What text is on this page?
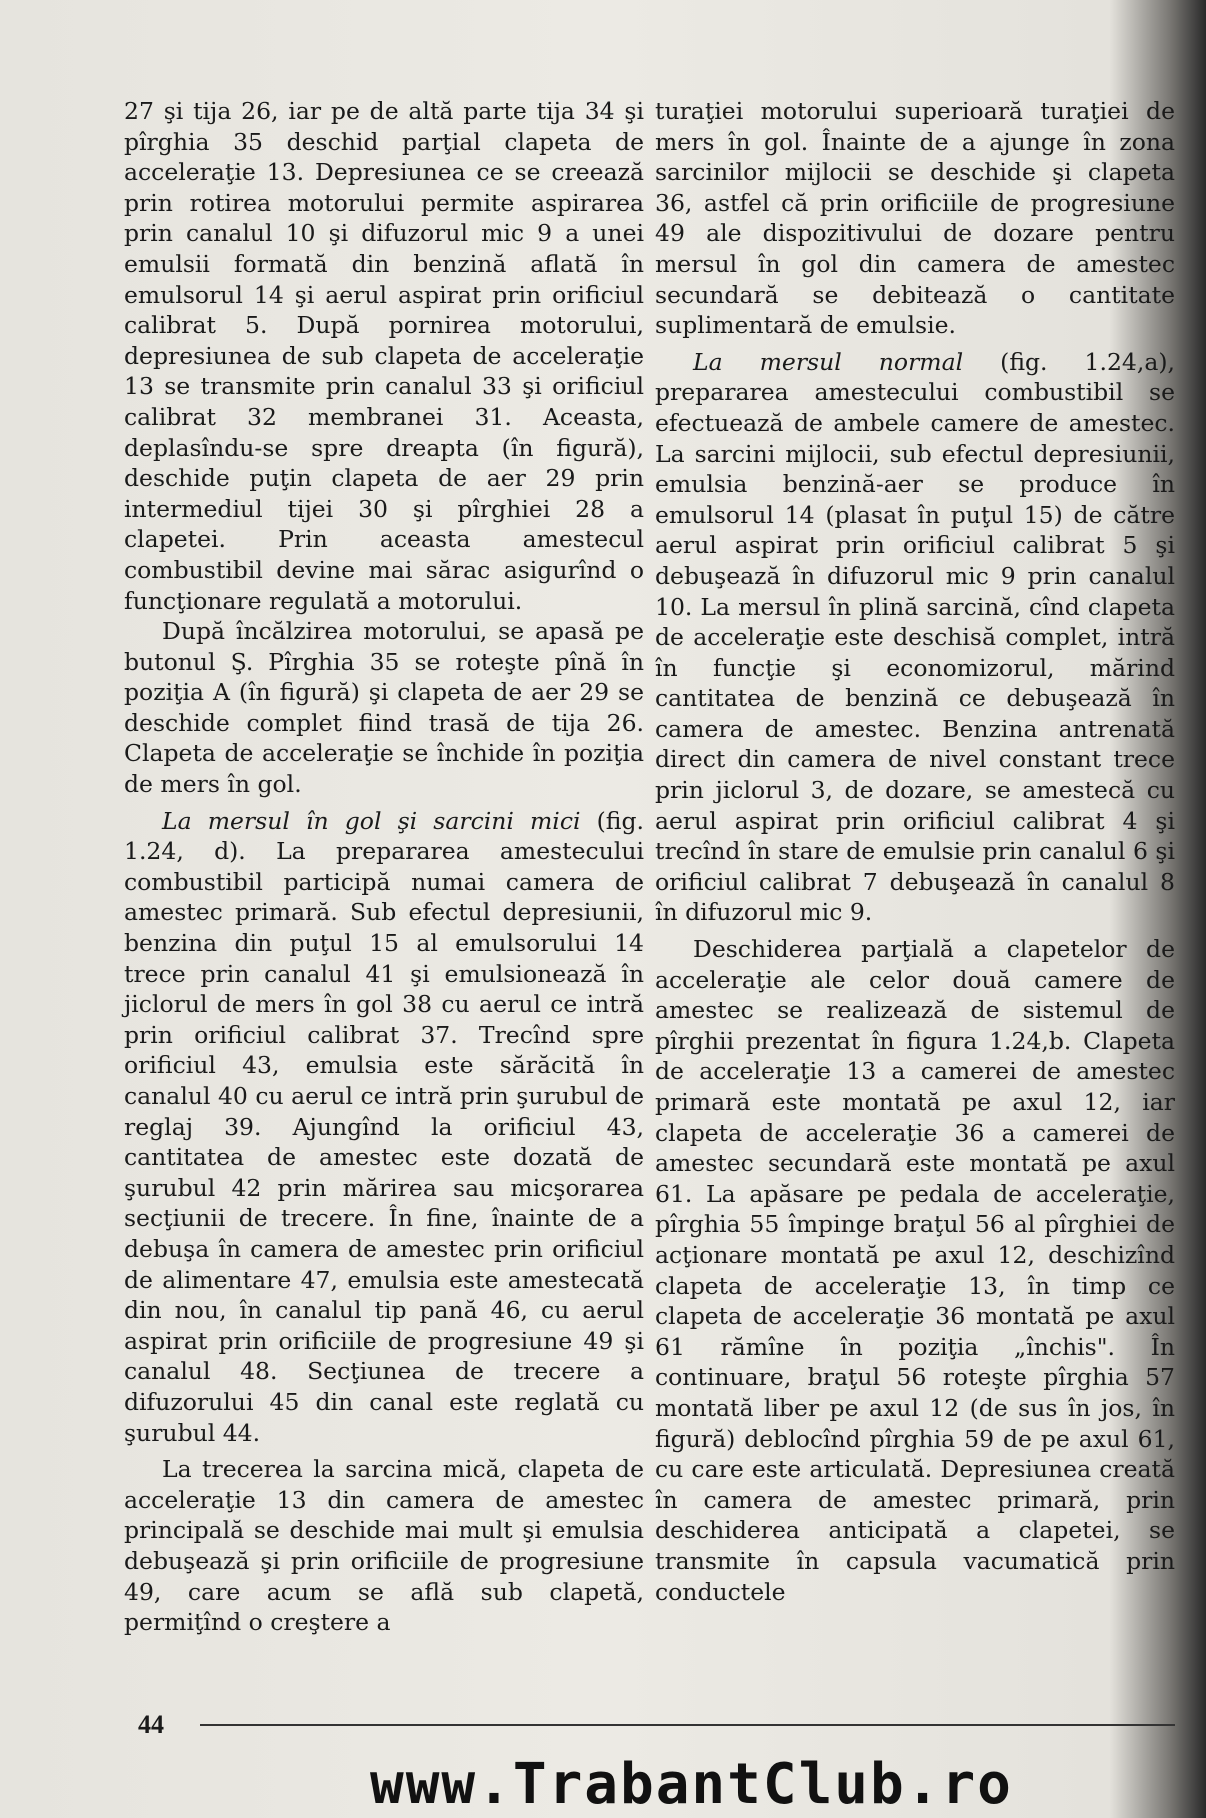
27 şi tija 26, iar pe de altă parte tija 34 şi pîrghia 35 deschid parţial clapeta de acceleraţie 13. Depresiunea ce se creează prin rotirea motorului permite aspirarea prin canalul 10 şi difuzorul mic 9 a unei emulsii formată din benzină aflată în emulsorul 14 şi aerul aspirat prin orificiul calibrat 5. După pornirea motorului, depresiunea de sub clapeta de acceleraţie 13 se transmite prin canalul 33 şi orificiul calibrat 32 membranei 31. Aceasta, deplasîndu-se spre dreapta (în figură), deschide puţin clapeta de aer 29 prin intermediul tijei 30 şi pîrghiei 28 a clapetei. Prin aceasta amestecul combustibil devine mai sărac asigurînd o funcţionare regulată a motorului.

După încălzirea motorului, se apasă pe butonul Ş. Pîrghia 35 se roteşte pînă în poziţia A (în figură) şi clapeta de aer 29 se deschide complet fiind trasă de tija 26. Clapeta de acceleraţie se închide în poziţia de mers în gol.

La mersul în gol şi sarcini mici (fig. 1.24, d). La prepararea amestecului combustibil participă numai camera de amestec primară. Sub efectul depresiunii, benzina din puţul 15 al emulsorului 14 trece prin canalul 41 şi emulsionează în jiclorul de mers în gol 38 cu aerul ce intră prin orificiul calibrat 37. Trecînd spre orificiul 43, emulsia este sărăcită în canalul 40 cu aerul ce intră prin şurubul de reglaj 39. Ajungînd la orificiul 43, cantitatea de amestec este dozată de şurubul 42 prin mărirea sau micşorarea secţiunii de trecere. În fine, înainte de a debuşa în camera de amestec prin orificiul de alimentare 47, emulsia este amestecată din nou, în canalul tip pană 46, cu aerul aspirat prin orificiile de progresiune 49 şi canalul 48. Secţiunea de trecere a difuzorului 45 din canal este reglată cu şurubul 44.

La trecerea la sarcina mică, clapeta de acceleraţie 13 din camera de amestec principală se deschide mai mult şi emulsia debuşează şi prin orificiile de progresiune 49, care acum se află sub clapetă, permiţînd o creştere a

turaţiei motorului superioară turaţiei de mers în gol. Înainte de a ajunge în zona sarcinilor mijlocii se deschide şi clapeta 36, astfel că prin orificiile de progresiune 49 ale dispozitivului de dozare pentru mersul în gol din camera de amestec secundară se debitează o cantitate suplimentară de emulsie.

La mersul normal (fig. 1.24,a), prepararea amestecului combustibil se efectuează de ambele camere de amestec. La sarcini mijlocii, sub efectul depresiunii, emulsia benzină-aer se produce în emulsorul 14 (plasat în puţul 15) de către aerul aspirat prin orificiul calibrat 5 şi debuşează în difuzorul mic 9 prin canalul 10. La mersul în plină sarcină, cînd clapeta de acceleraţie este deschisă complet, intră în funcţie şi economizorul, mărind cantitatea de benzină ce debuşează în camera de amestec. Benzina antrenată direct din camera de nivel constant trece prin jiclorul 3, de dozare, se amestecă cu aerul aspirat prin orificiul calibrat 4 şi trecînd în stare de emulsie prin canalul 6 şi orificiul calibrat 7 debuşează în canalul 8 în difuzorul mic 9.

Deschiderea parţială a clapetelor de acceleraţie ale celor două camere de amestec se realizează de sistemul de pîrghii prezentat în figura 1.24,b. Clapeta de acceleraţie 13 a camerei de amestec primară este montată pe axul 12, iar clapeta de acceleraţie 36 a camerei de amestec secundară este montată pe axul 61. La apăsare pe pedala de acceleraţie, pîrghia 55 împinge braţul 56 al pîrghiei de acţionare montată pe axul 12, deschizînd clapeta de acceleraţie 13, în timp ce clapeta de acceleraţie 36 montată pe axul 61 rămîne în poziţia „închis". În continuare, braţul 56 roteşte pîrghia 57 montată liber pe axul 12 (de sus în jos, în figură) deblocînd pîrghia 59 de pe axul 61, cu care este articulată. Depresiunea creată în camera de amestec primară, prin deschiderea anticipată a clapetei, se transmite în capsula vacumatică prin conductele

44
www.TrabantClub.ro
